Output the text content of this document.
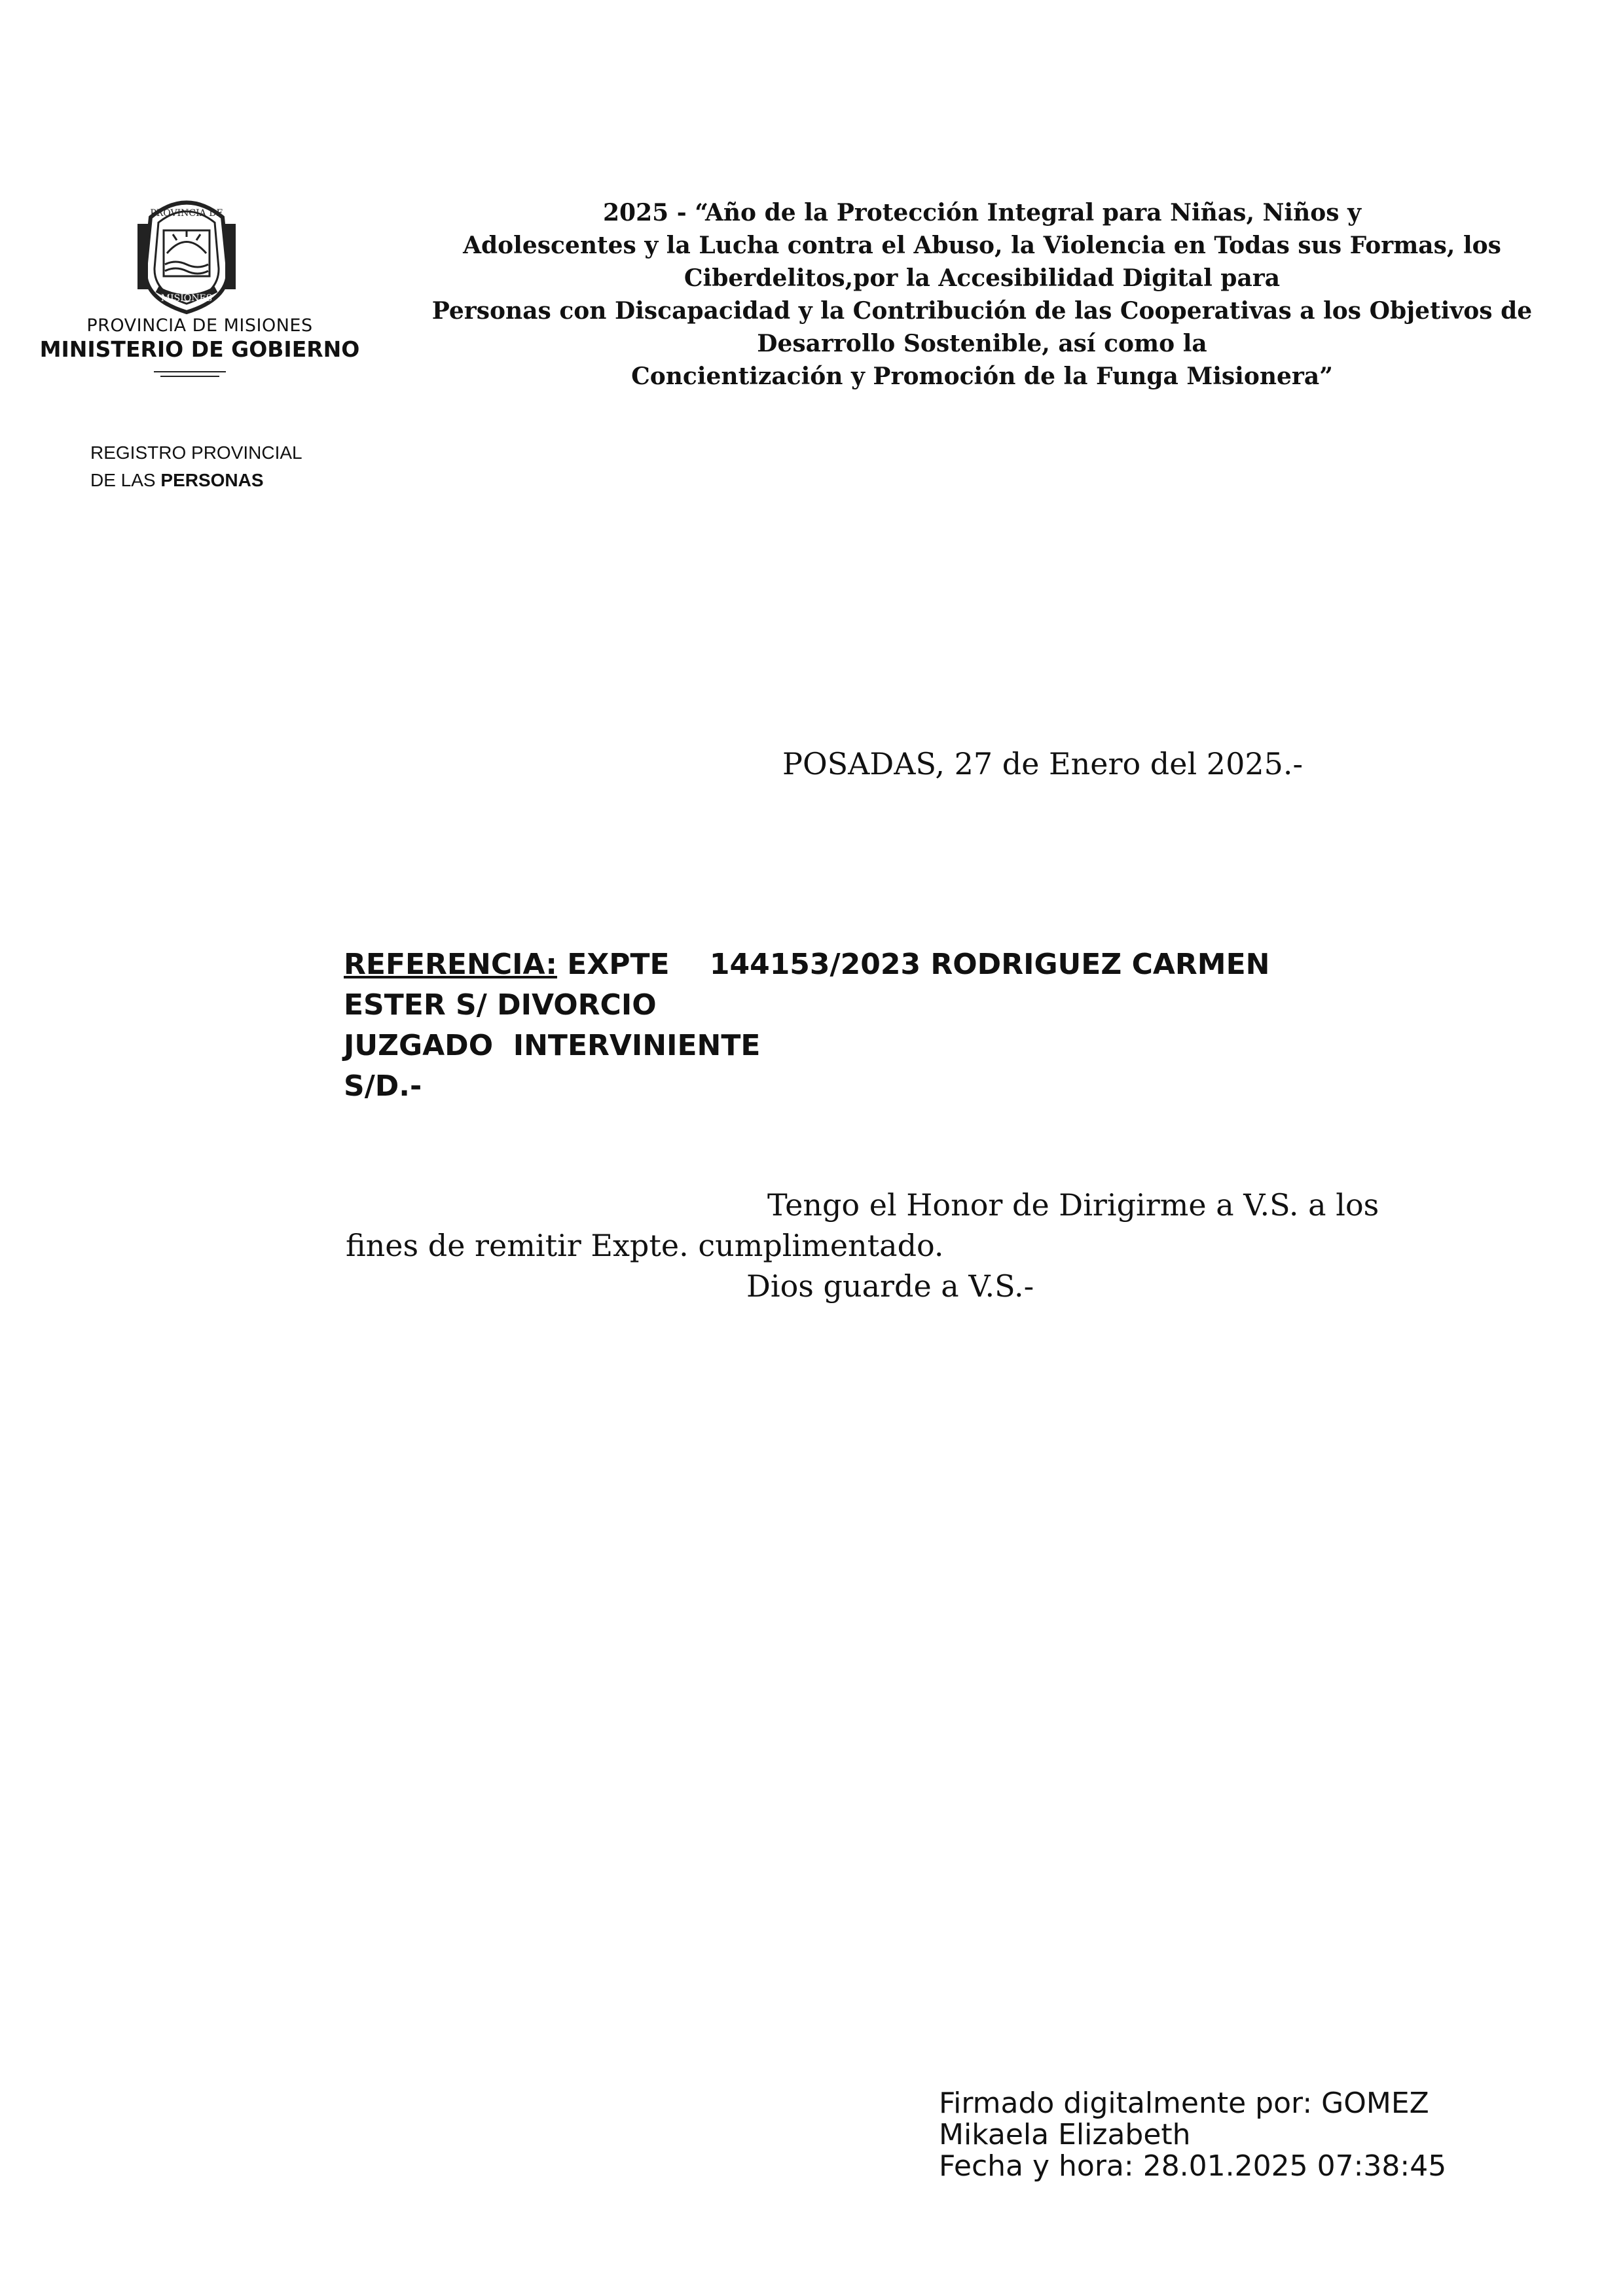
PROVINCIA DE
MISIONES
PROVINCIA DE MISIONES
MINISTERIO DE GOBIERNO
REGISTRO PROVINCIAL
DE LAS PERSONAS
2025 - “Año de la Protección Integral para Niñas, Niños y
Adolescentes y la Lucha contra el Abuso, la Violencia en Todas sus Formas, los
Ciberdelitos,por la Accesibilidad Digital para
Personas con Discapacidad y la Contribución de las Cooperativas a los Objetivos de
Desarrollo Sostenible, así como la
Concientización y Promoción de la Funga Misionera”
POSADAS, 27 de Enero del 2025.-
REFERENCIA: EXPTE    144153/2023 RODRIGUEZ CARMEN
ESTER S/ DIVORCIO
JUZGADO  INTERVINIENTE
S/D.-
Tengo el Honor de Dirigirme a V.S. a los
fines de remitir Expte. cumplimentado.
Dios guarde a V.S.-
Firmado digitalmente por: GOMEZ
Mikaela Elizabeth
Fecha y hora: 28.01.2025 07:38:45
